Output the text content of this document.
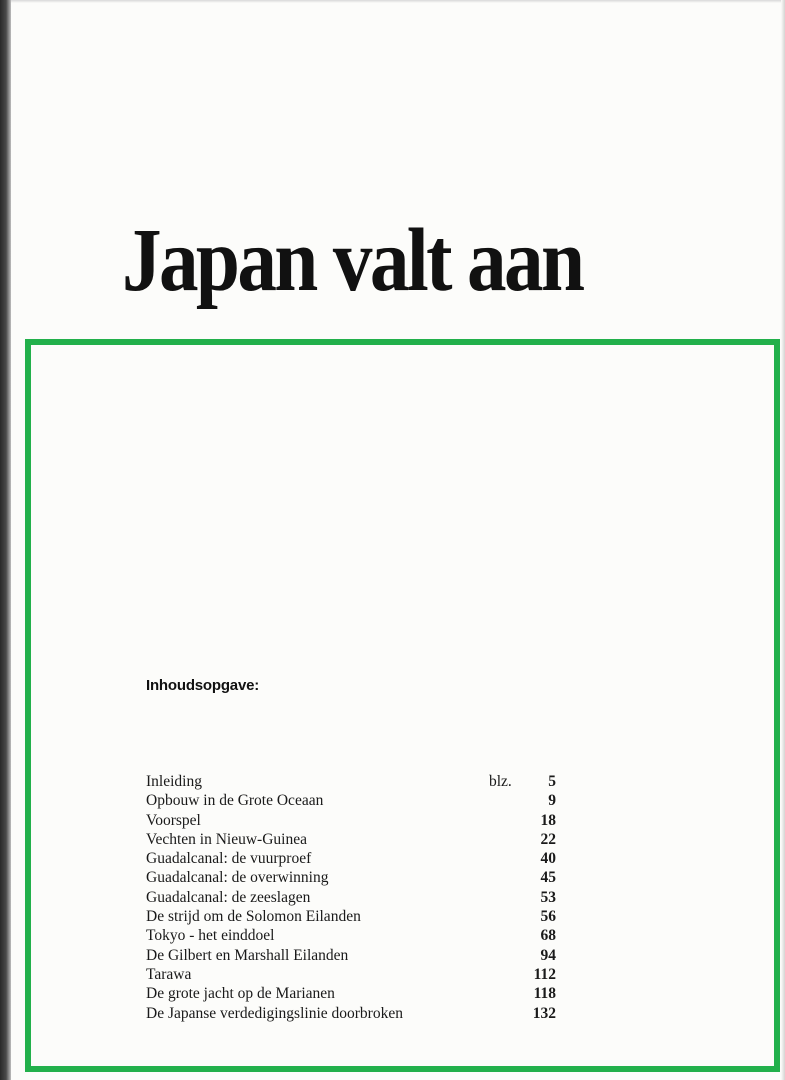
Japan valt aan
Inhoudsopgave:
Inleiding	blz. 5
Opbouw in de Grote Oceaan	9
Voorspel	18
Vechten in Nieuw-Guinea	22
Guadalcanal: de vuurproef	40
Guadalcanal: de overwinning	45
Guadalcanal: de zeeslagen	53
De strijd om de Solomon Eilanden	56
Tokyo - het einddoel	68
De Gilbert en Marshall Eilanden	94
Tarawa	112
De grote jacht op de Marianen	118
De Japanse verdedigingslinie doorbroken	132
